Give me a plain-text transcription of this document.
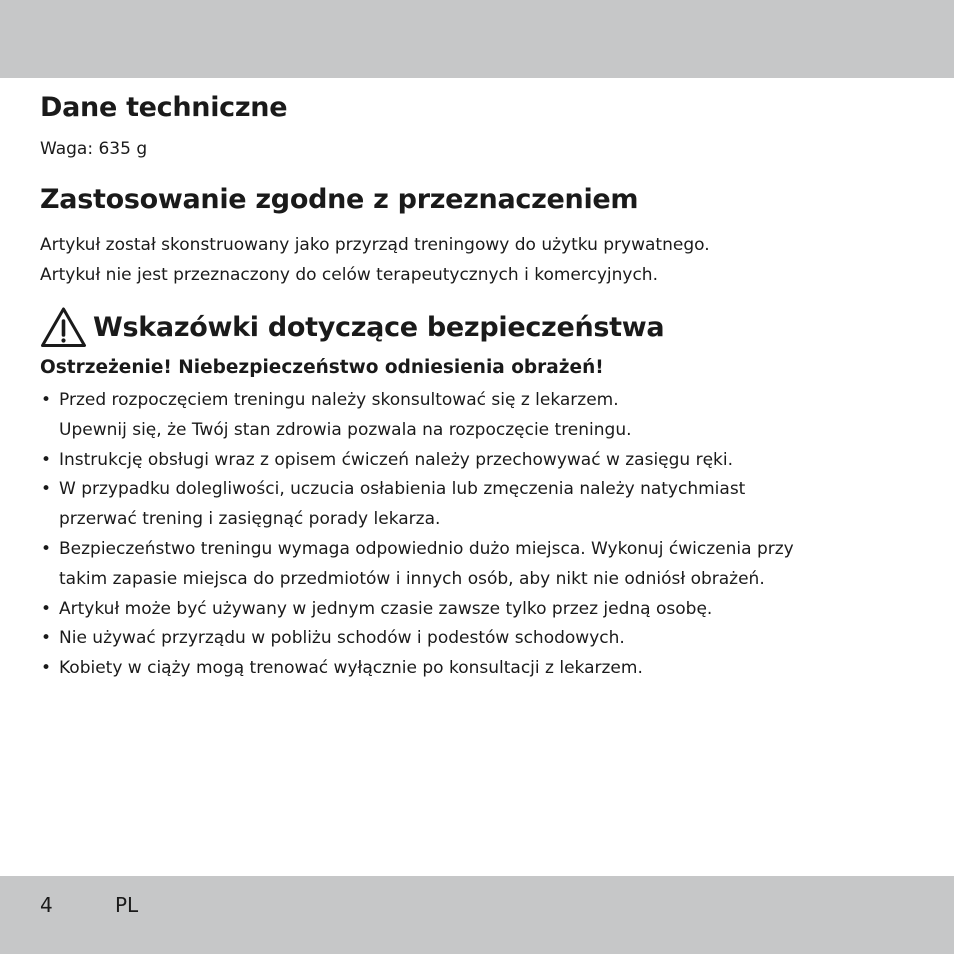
Dane techniczne
Waga: 635 g
Zastosowanie zgodne z przeznaczeniem

Artykuł został skonstruowany jako przyrząd treningowy do użytku prywatnego.

Artykuł nie jest przeznaczony do celów terapeutycznych i komercyjnych.

Wskazówki dotyczące bezpieczeństwa
Ostrzeżenie! Niebezpieczeństwo odniesienia obrażeń!
• Przed rozpoczęciem treningu należy skonsultować się z lekarzem.
Upewnij się, że Twój stan zdrowia pozwala na rozpoczęcie treningu.
• Instrukcję obsługi wraz z opisem ćwiczeń należy przechowywać w zasięgu ręki.
• W przypadku dolegliwości, uczucia osłabienia lub zmęczenia należy natychmiast
przerwać trening i zasięgnąć porady lekarza.
• Bezpieczeństwo treningu wymaga odpowiednio dużo miejsca. Wykonuj ćwiczenia przy
takim zapasie miejsca do przedmiotów i innych osób, aby nikt nie odniósł obrażeń.
• Artykuł może być używany w jednym czasie zawsze tylko przez jedną osobę.
• Nie używać przyrządu w pobliżu schodów i podestów schodowych.
• Kobiety w ciąży mogą trenować wyłącznie po konsultacji z lekarzem.
4	PL
